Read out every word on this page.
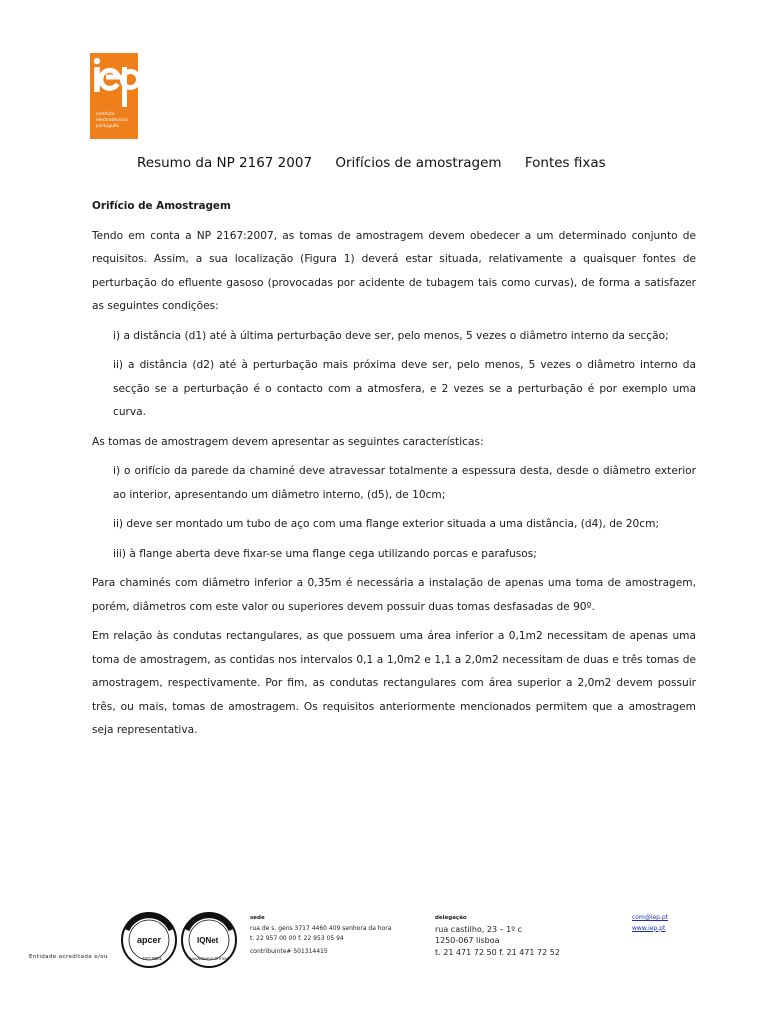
instituto
electrotécnico
português
Resumo da NP 2167 2007 Orifícios de amostragem Fontes fixas
Orifício de Amostragem

Tendo em conta a NP 2167:2007, as tomas de amostragem devem obedecer a um determinado conjunto de requisitos. Assim, a sua localização (Figura 1) deverá estar situada, relativamente a quaisquer fontes de perturbação do efluente gasoso (provocadas por acidente de tubagem tais como curvas), de forma a satisfazer as seguintes condições:

i) a distância (d1) até à última perturbação deve ser, pelo menos, 5 vezes o diâmetro interno da secção;

ii) a distância (d2) até à perturbação mais próxima deve ser, pelo menos, 5 vezes o diâmetro interno da secção se a perturbação é o contacto com a atmosfera, e 2 vezes se a perturbação é por exemplo uma curva.

As tomas de amostragem devem apresentar as seguintes características:

i) o orifício da parede da chaminé deve atravessar totalmente a espessura desta, desde o diâmetro exterior ao interior, apresentando um diâmetro interno, (d5), de 10cm;

ii) deve ser montado um tubo de aço com uma flange exterior situada a uma distância, (d4), de 20cm;

iii) à flange aberta deve fixar-se uma flange cega utilizando porcas e parafusos;

Para chaminés com diâmetro inferior a 0,35m é necessária a instalação de apenas uma toma de amostragem, porém, diâmetros com este valor ou superiores devem possuir duas tomas desfasadas de 90º.

Em relação às condutas rectangulares, as que possuem uma área inferior a 0,1m2 necessitam de apenas uma toma de amostragem, as contidas nos intervalos 0,1 a 1,0m2 e 1,1 a 2,0m2 necessitam de duas e três tomas de amostragem, respectivamente. Por fim, as condutas rectangulares com área superior a 2,0m2 devem possuir três, ou mais, tomas de amostragem. Os requisitos anteriormente mencionados permitem que a amostragem seja representativa.

Entidade acreditada e/ou
apcer
ISO 9001
IQNet
MANAGEMENT SYSTEM
sede
rua de s. gens 3717 4460 409 senhora da hora
t. 22 957 00 00 f. 22 953 05 94
contribuinte# 501314415
delegação
rua castilho, 23 – 1º c
1250-067 lisboa
t. 21 471 72 50 f. 21 471 72 52
com@iep.pt
www.iep.pt
